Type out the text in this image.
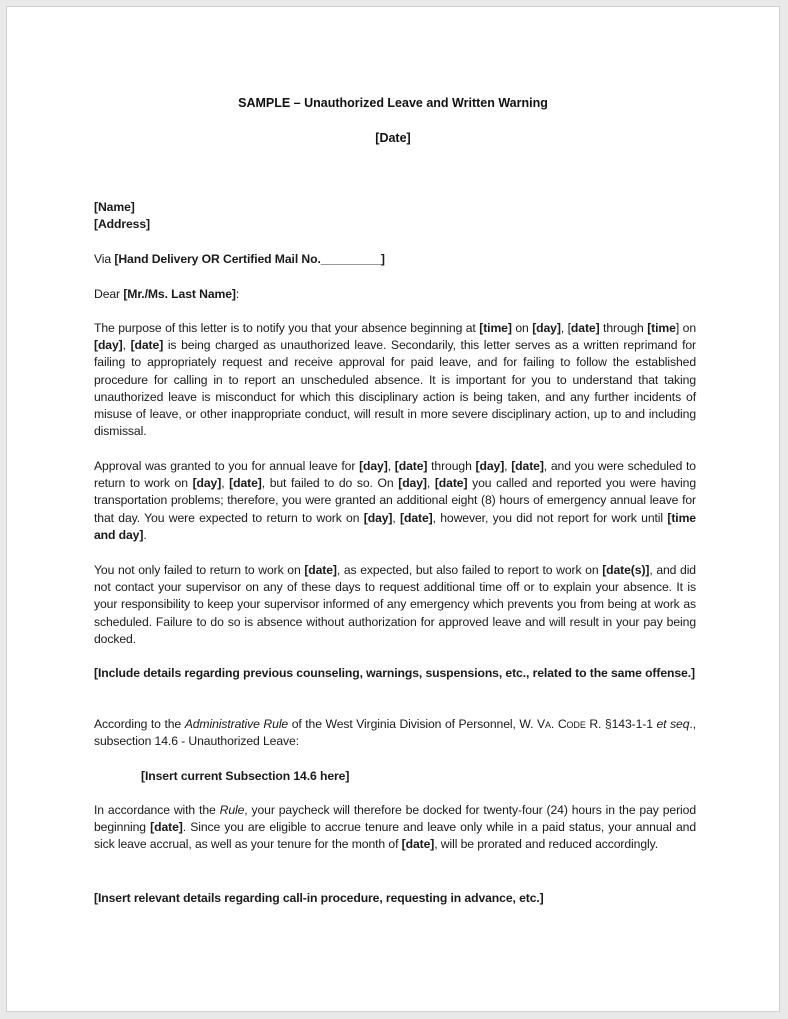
SAMPLE – Unauthorized Leave and Written Warning
[Date]

[Name]

[Address]

Via [Hand Delivery OR Certified Mail No._________]

Dear [Mr./Ms. Last Name]:

The purpose of this letter is to notify you that your absence beginning at [time] on [day], [date] through [time] on [day], [date] is being charged as unauthorized leave. Secondarily, this letter serves as a written reprimand for failing to appropriately request and receive approval for paid leave, and for failing to follow the established procedure for calling in to report an unscheduled absence. It is important for you to understand that taking unauthorized leave is misconduct for which this disciplinary action is being taken, and any further incidents of misuse of leave, or other inappropriate conduct, will result in more severe disciplinary action, up to and including dismissal.

Approval was granted to you for annual leave for [day], [date] through [day], [date], and you were scheduled to return to work on [day], [date], but failed to do so. On [day], [date] you called and reported you were having transportation problems; therefore, you were granted an additional eight (8) hours of emergency annual leave for that day. You were expected to return to work on [day], [date], however, you did not report for work until [time and day].

You not only failed to return to work on [date], as expected, but also failed to report to work on [date(s)], and did not contact your supervisor on any of these days to request additional time off or to explain your absence. It is your responsibility to keep your supervisor informed of any emergency which prevents you from being at work as scheduled. Failure to do so is absence without authorization for approved leave and will result in your pay being docked.

[Include details regarding previous counseling, warnings, suspensions, etc., related to the same offense.]

According to the Administrative Rule of the West Virginia Division of Personnel, W. Va. Code R. §143-1-1 et seq., subsection 14.6 - Unauthorized Leave:

[Insert current Subsection 14.6 here]

In accordance with the Rule, your paycheck will therefore be docked for twenty-four (24) hours in the pay period beginning [date]. Since you are eligible to accrue tenure and leave only while in a paid status, your annual and sick leave accrual, as well as your tenure for the month of [date], will be prorated and reduced accordingly.

[Insert relevant details regarding call-in procedure, requesting in advance, etc.]
